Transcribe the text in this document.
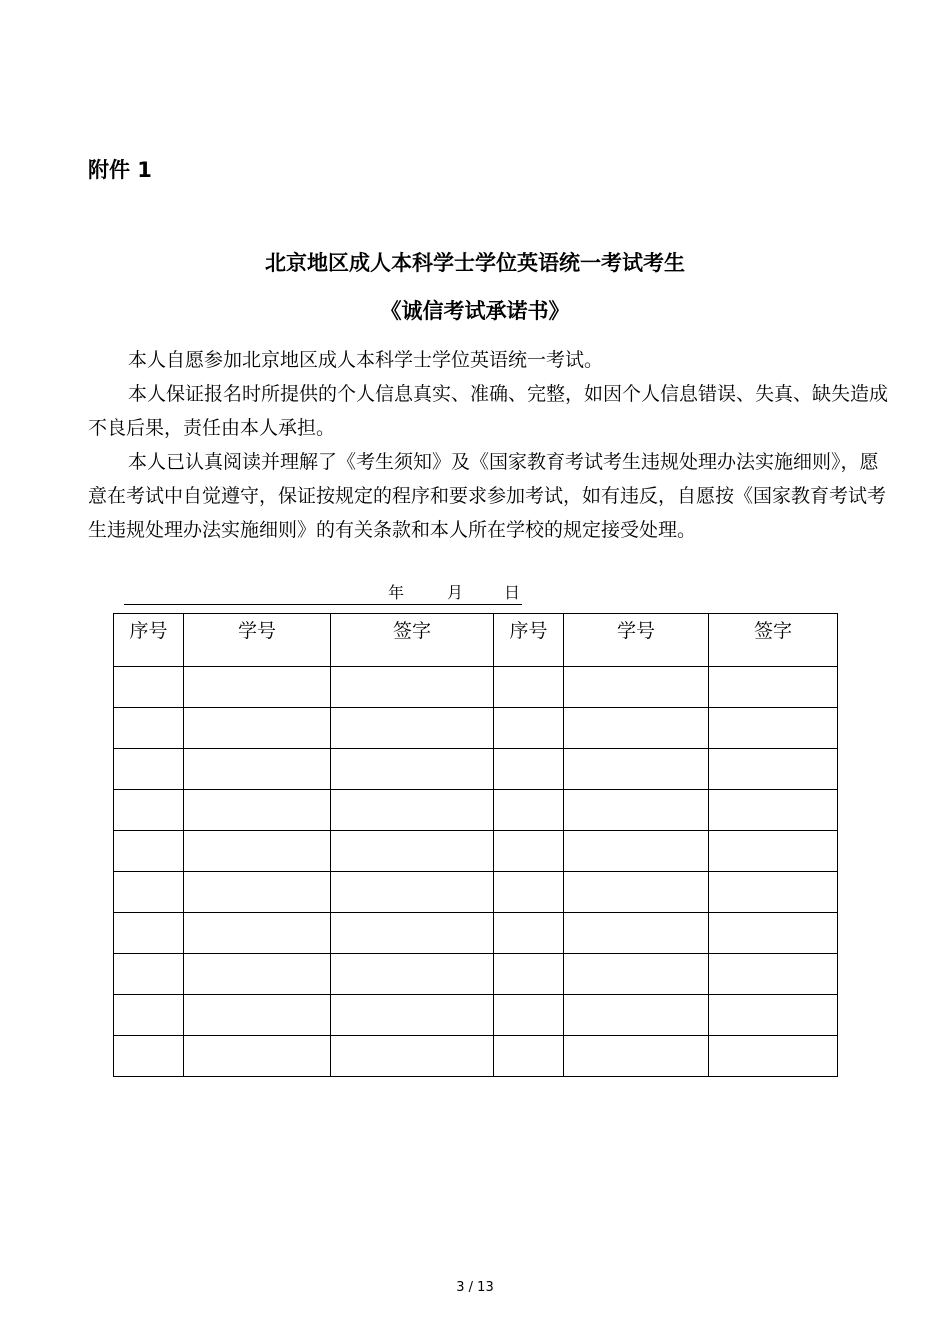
附件 1
北京地区成人本科学士学位英语统一考试考生
《诚信考试承诺书》

本人自愿参加北京地区成人本科学士学位英语统一考试。

本人保证报名时所提供的个人信息真实、准确、完整，如因个人信息错误、失真、缺失造成不良后果，责任由本人承担。

本人已认真阅读并理解了《考生须知》及《国家教育考试考生违规处理办法实施细则》，愿意在考试中自觉遵守，保证按规定的程序和要求参加考试，如有违反，自愿按《国家教育考试考生违规处理办法实施细则》的有关条款和本人所在学校的规定接受处理。

年	月	日
序号	学号	签字	序号	学号	签字

3 / 13
